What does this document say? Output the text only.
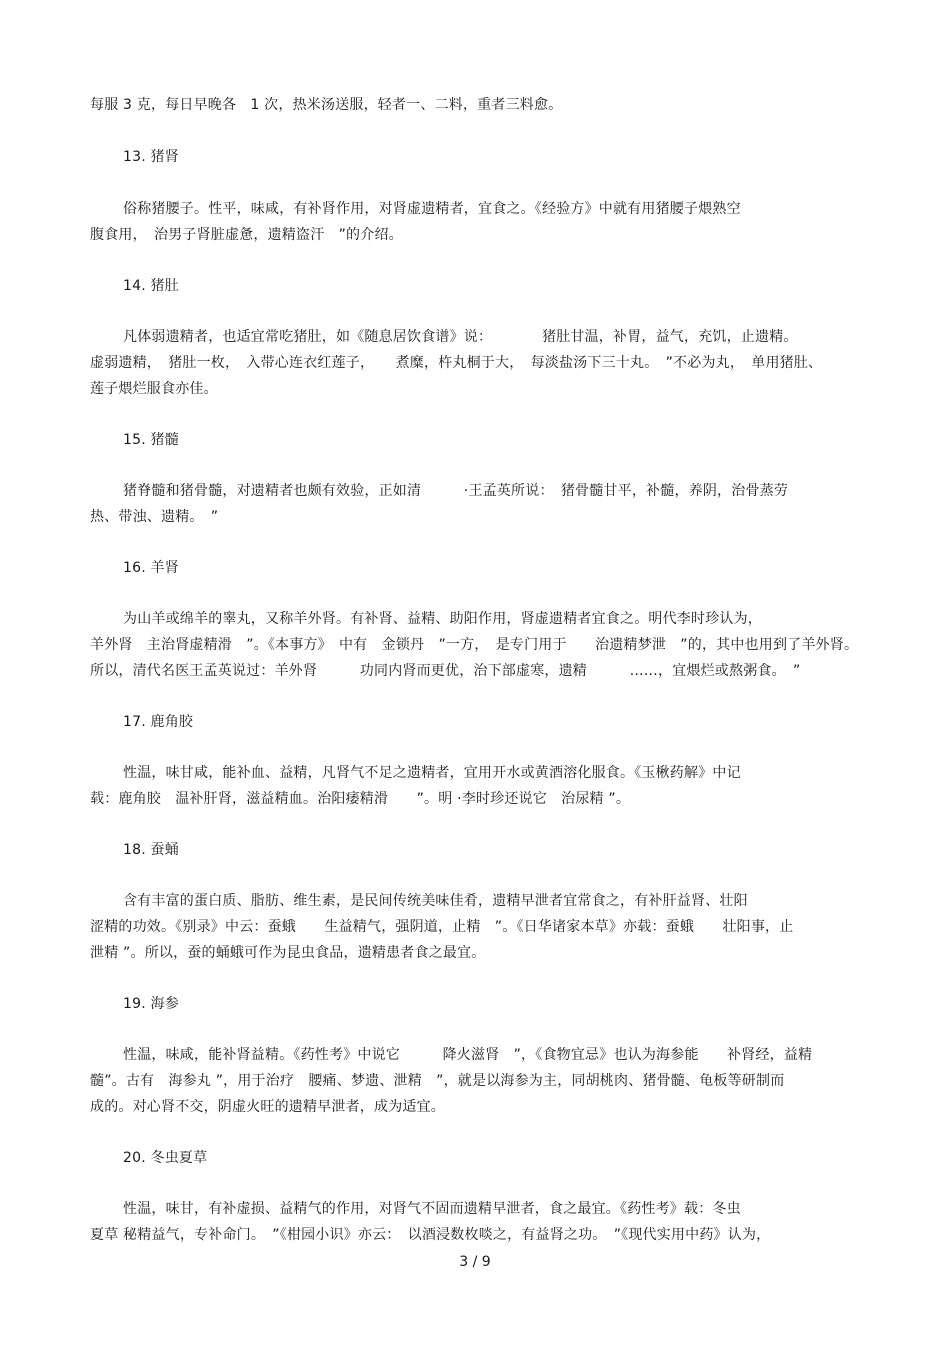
每服 3 克，每日早晚各　1 次，热米汤送服，轻者一、二料，重者三料愈。
13. 猪肾
俗称猪腰子。性平，味咸，有补肾作用，对肾虚遗精者，宜食之。《经验方》中就有用猪腰子煨熟空
腹食用，　治男子肾脏虚惫，遗精盗汗　”的介绍。
14. 猪肚
凡体弱遗精者，也适宜常吃猪肚，如《随息居饮食谱》说：　　　　猪肚甘温，补胃，益气，充饥，止遗精。
虚弱遗精，　猪肚一枚，　入带心连衣红莲子，　　煮糜，杵丸桐于大，　每淡盐汤下三十丸。　”不必为丸，　单用猪肚、
莲子煨烂服食亦佳。
15. 猪髓
猪脊髓和猪骨髓，对遗精者也颇有效验，正如清　　　·王孟英所说：　猪骨髓甘平，补髓，养阴，治骨蒸劳
热、带浊、遗精。　”
16. 羊肾
为山羊或绵羊的睾丸，又称羊外肾。有补肾、益精、助阳作用，肾虚遗精者宜食之。明代李时珍认为，
羊外肾　主治肾虚精滑　”。《本事方》　中有　金锁丹　”一方，　是专门用于　　治遗精梦泄　”的，其中也用到了羊外肾。
所以，清代名医王孟英说过：羊外肾　　　功同内肾而更优，治下部虚寒，遗精　　　……，宜煨烂或熬粥食。　”
17. 鹿角胶
性温，味甘咸，能补血、益精，凡肾气不足之遗精者，宜用开水或黄酒溶化服食。《玉楸药解》中记
载：鹿角胶　温补肝肾，滋益精血。治阳痿精滑　　”。明 ·李时珍还说它　治尿精 ”。
18. 蚕蛹
含有丰富的蛋白质、脂肪、维生素，是民间传统美味佳肴，遗精早泄者宜常食之，有补肝益肾、壮阳
涩精的功效。《别录》中云：蚕蛾　　生益精气，强阴道，止精　”。《日华诸家本草》亦载：蚕蛾　　壮阳事，止
泄精 ”。所以，蚕的蛹蛾可作为昆虫食品，遗精患者食之最宜。
19. 海参
性温，味咸，能补肾益精。《药性考》中说它　　　降火滋肾　”，《食物宜忌》也认为海参能　　补肾经，益精
髓”。古有　海参丸 ”，用于治疗　腰痛、梦遗、泄精　”，就是以海参为主，同胡桃肉、猪骨髓、龟板等研制而
成的。对心肾不交，阴虚火旺的遗精早泄者，成为适宜。
20. 冬虫夏草
性温，味甘，有补虚损、益精气的作用，对肾气不固而遗精早泄者，食之最宜。《药性考》载：冬虫
夏草 秘精益气，专补命门。　”《柑园小识》亦云：　以酒浸数枚啖之，有益肾之功。　”《现代实用中药》认为，
3 / 9
